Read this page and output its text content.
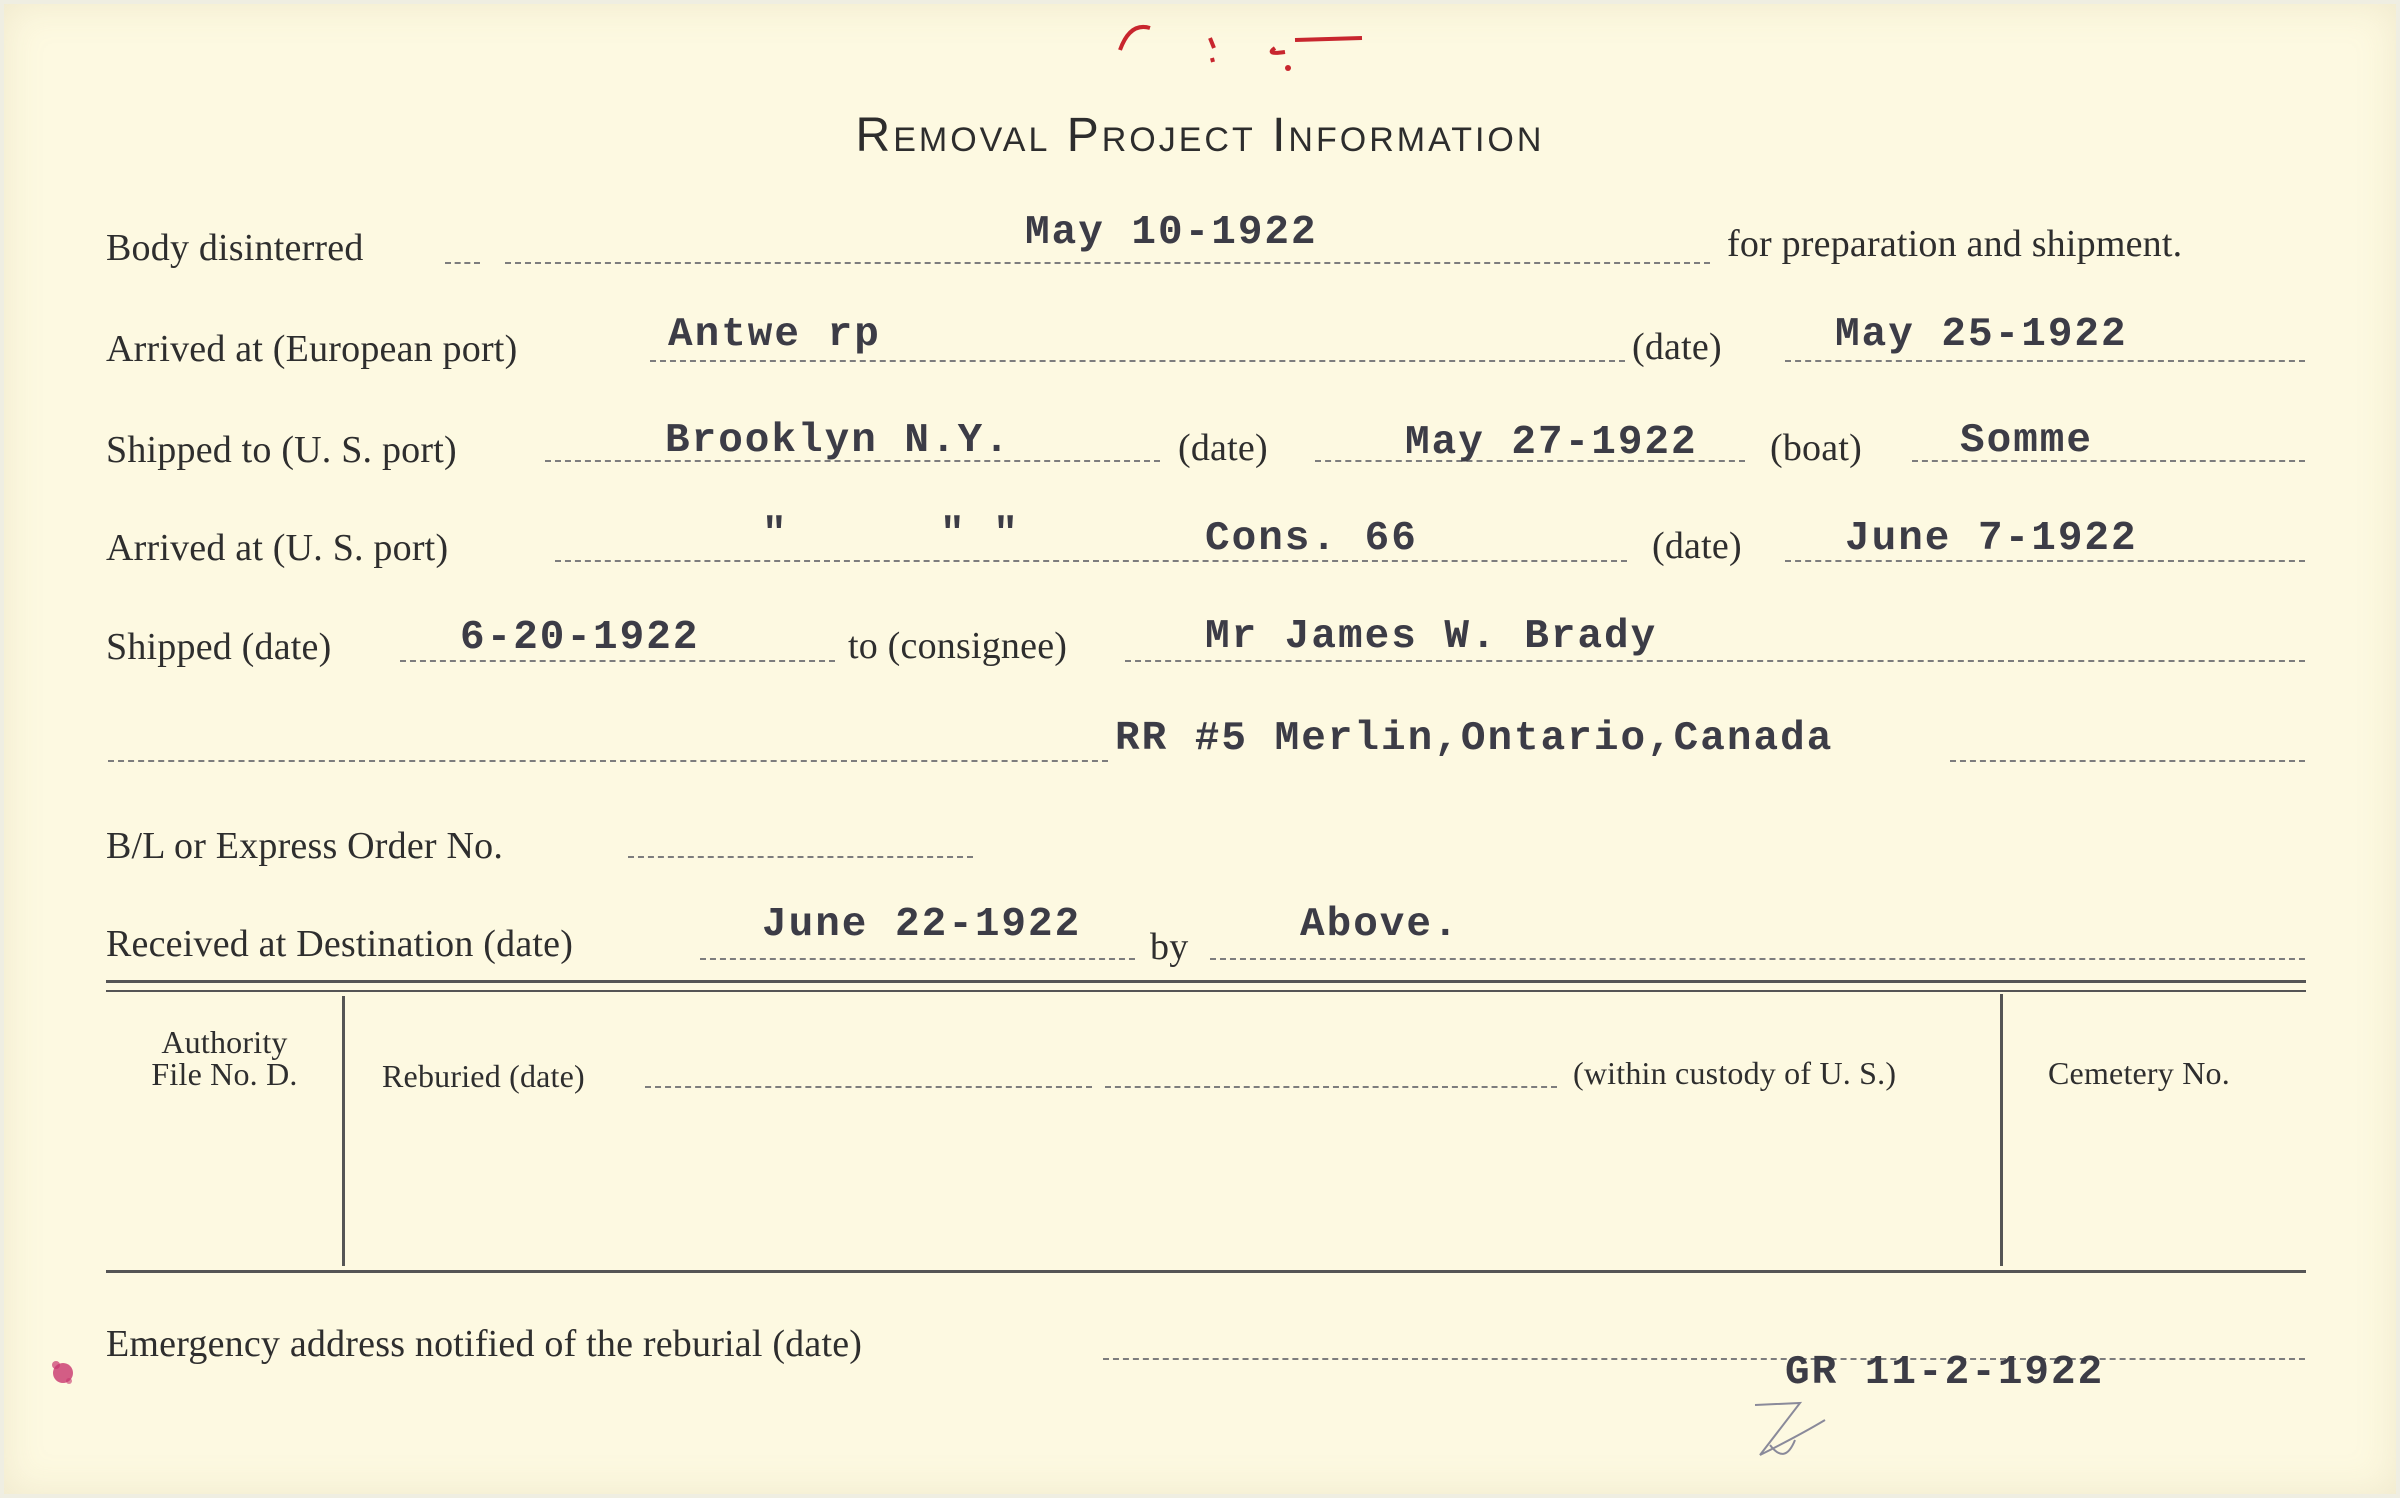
Removal Project Information
Body disinterred	May 10-1922	for preparation and shipment.
Arrived at (European port)	Antwe rp	(date)	May 25-1922
Shipped to (U. S. port)	Brooklyn N.Y.	(date)	May 27-1922 (boat) Somme
Arrived at (U. S. port)	"	" "	Cons. 66	(date)	June 7-1922
Shipped (date)	6-20-1922	to (consignee)	Mr James W. Brady
RR #5 Merlin,Ontario,Canada
B/L or Express Order No.
Received at Destination (date)	June 22-1922 by	Above.
Authority
File No. D.	Reburied (date)	(within custody of U. S.)	Cemetery No.
Emergency address notified of the reburial (date)
GR 11-2-1922
